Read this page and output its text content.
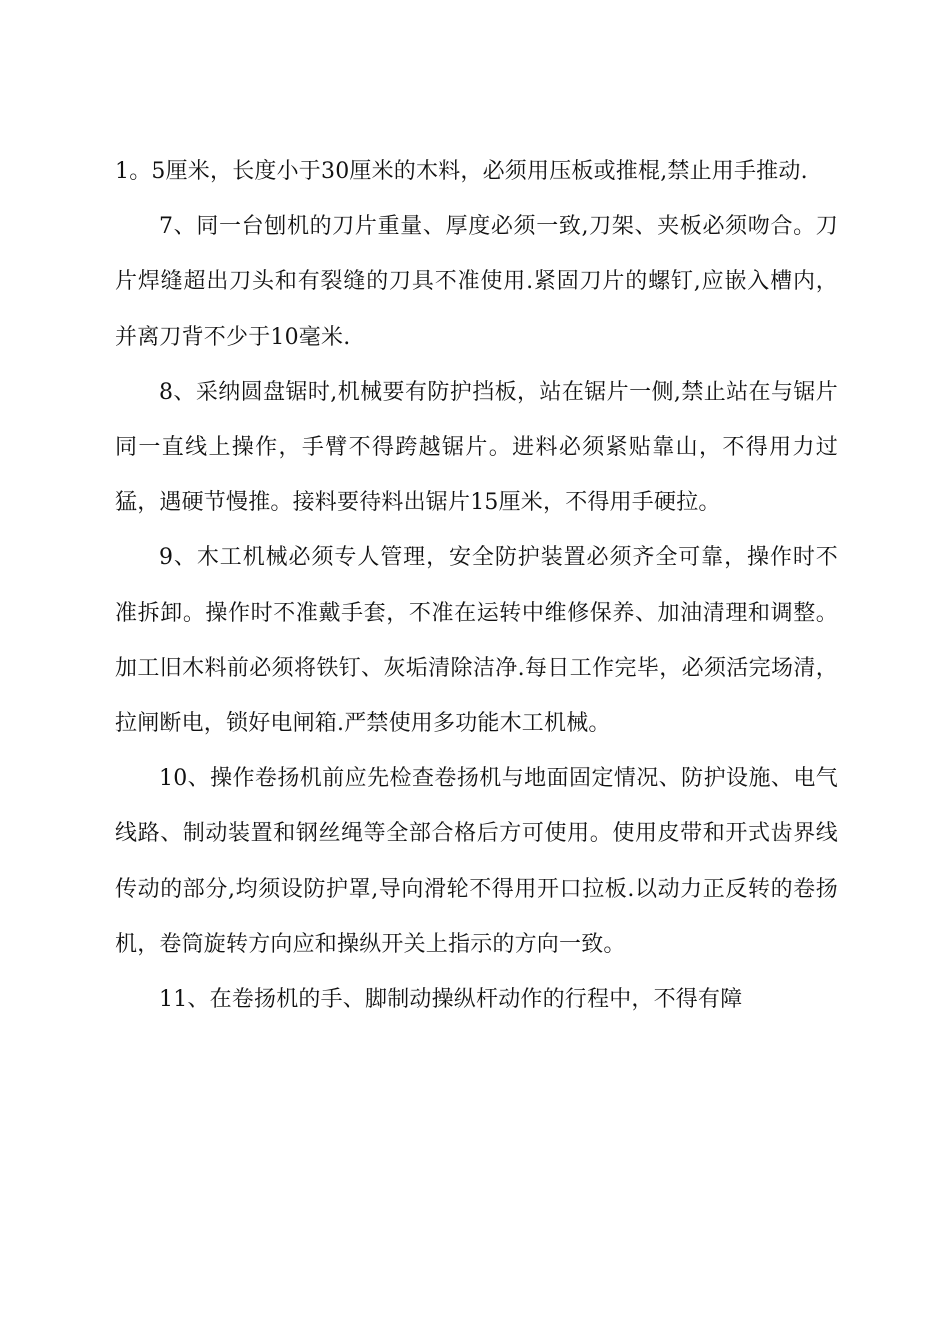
1。5厘米，长度小于30厘米的木料，必须用压板或推棍,禁止用手推动.

7、同一台刨机的刀片重量、厚度必须一致,刀架、夹板必须吻合。刀片焊缝超出刀头和有裂缝的刀具不准使用.紧固刀片的螺钉,应嵌入槽内，并离刀背不少于10毫米.

8、采纳圆盘锯时,机械要有防护挡板，站在锯片一侧,禁止站在与锯片同一直线上操作，手臂不得跨越锯片。进料必须紧贴靠山，不得用力过猛，遇硬节慢推。接料要待料出锯片15厘米，不得用手硬拉。

9、木工机械必须专人管理，安全防护装置必须齐全可靠，操作时不准拆卸。操作时不准戴手套，不准在运转中维修保养、加油清理和调整。加工旧木料前必须将铁钉、灰垢清除洁净.每日工作完毕，必须活完场清，拉闸断电，锁好电闸箱.严禁使用多功能木工机械。

10、操作卷扬机前应先检查卷扬机与地面固定情况、防护设施、电气线路、制动装置和钢丝绳等全部合格后方可使用。使用皮带和开式齿界线传动的部分,均须设防护罩,导向滑轮不得用开口拉板.以动力正反转的卷扬机，卷筒旋转方向应和操纵开关上指示的方向一致。

11、在卷扬机的手、脚制动操纵杆动作的行程中，不得有障
